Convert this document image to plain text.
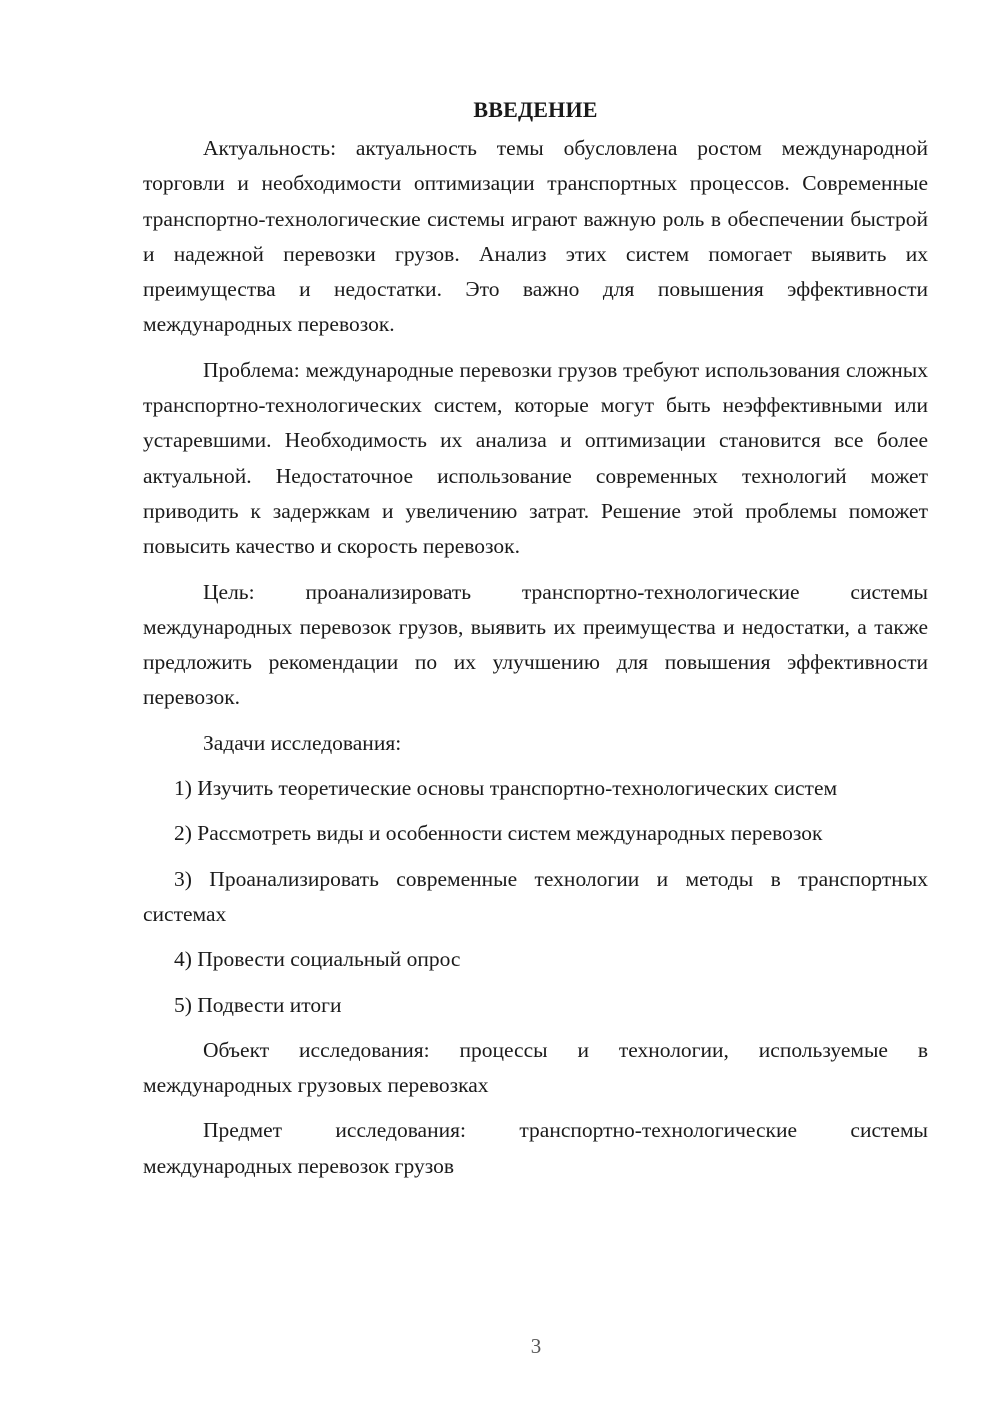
ВВЕДЕНИЕ

Актуальность: актуальность темы обусловлена ростом международной торговли и необходимости оптимизации транспортных процессов. Современные транспортно-технологические системы играют важную роль в обеспечении быстрой и надежной перевозки грузов. Анализ этих систем помогает выявить их преимущества и недостатки. Это важно для повышения эффективности международных перевозок.

Проблема: международные перевозки грузов требуют использования сложных транспортно-технологических систем, которые могут быть неэффективными или устаревшими. Необходимость их анализа и оптимизации становится все более актуальной. Недостаточное использование современных технологий может приводить к задержкам и увеличению затрат. Решение этой проблемы поможет повысить качество и скорость перевозок.

Цель: проанализировать транспортно-технологические системы международных перевозок грузов, выявить их преимущества и недостатки, а также предложить рекомендации по их улучшению для повышения эффективности перевозок.

Задачи исследования:

1) Изучить теоретические основы транспортно-технологических систем

2) Рассмотреть виды и особенности систем международных перевозок

3) Проанализировать современные технологии и методы в транспортных системах

4) Провести социальный опрос

5) Подвести итоги

Объект исследования: процессы и технологии, используемые в международных грузовых перевозках

Предмет исследования: транспортно-технологические системы международных перевозок грузов

3
